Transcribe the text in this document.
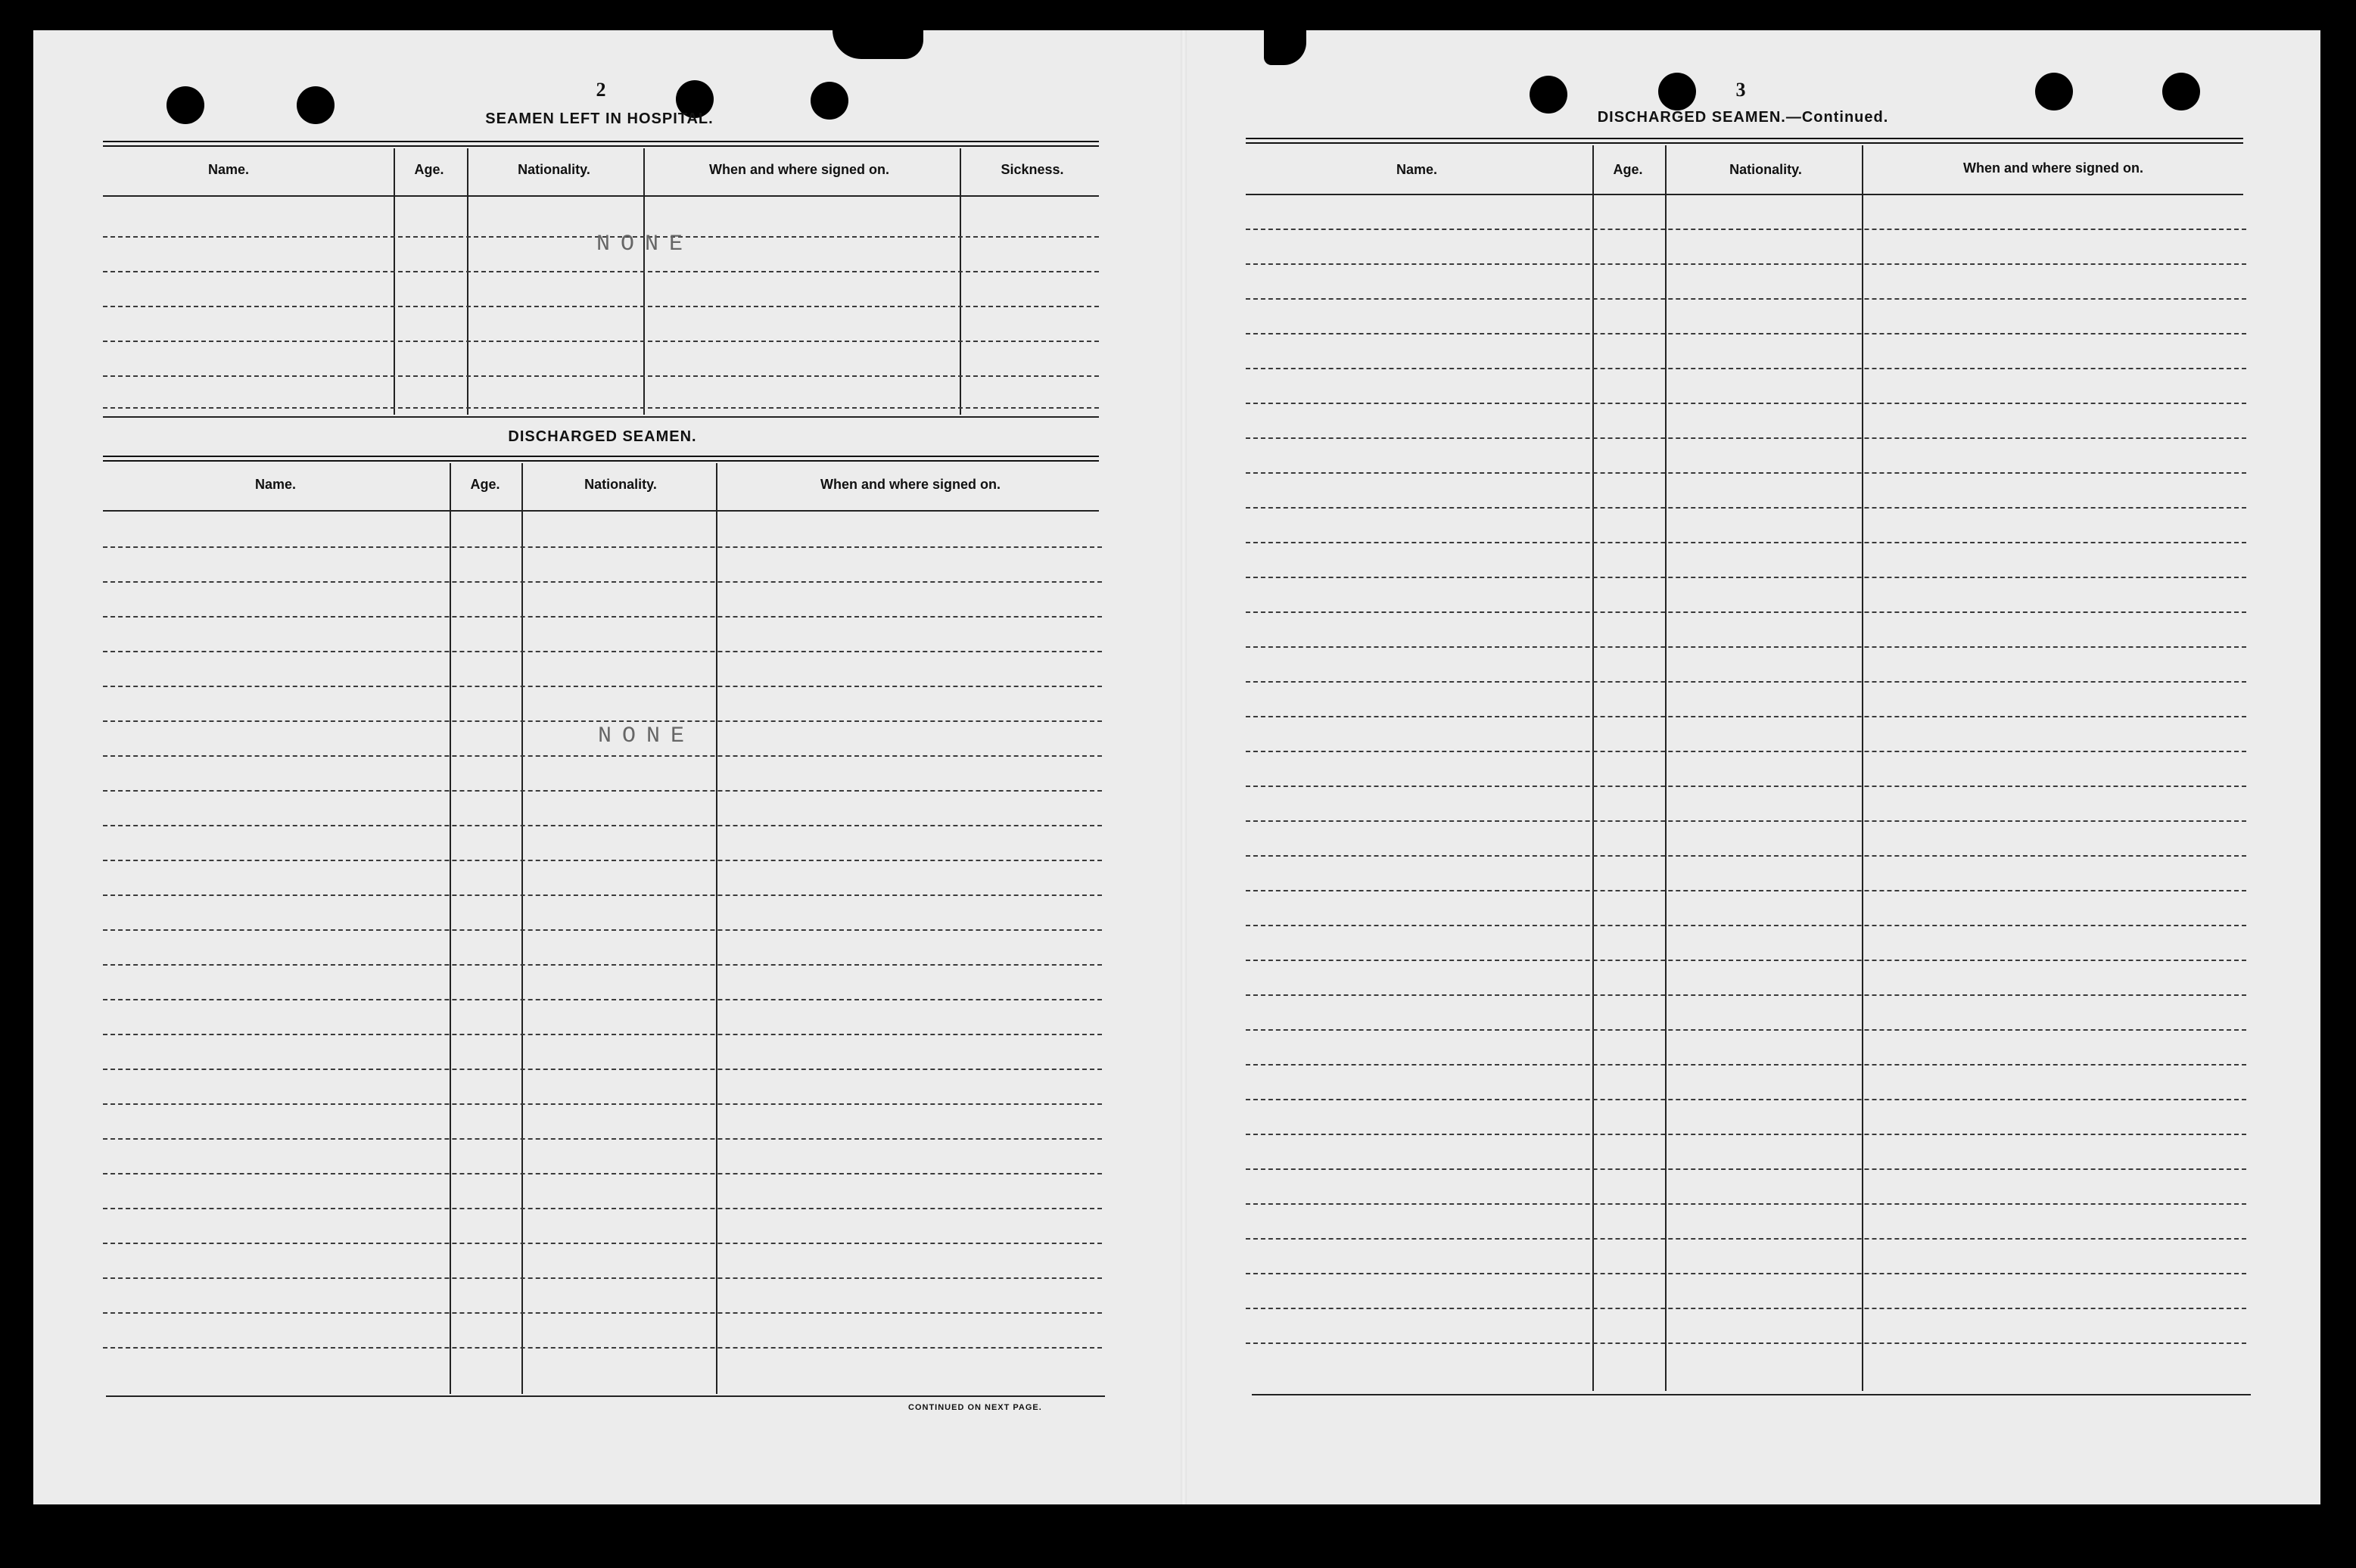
2
SEAMEN LEFT IN HOSPITAL.
Name.	Age.	Nationality.	When and where signed on.	Sickness.
NONE
DISCHARGED SEAMEN.
Name.	Age.	Nationality.	When and where signed on.
NONE
CONTINUED ON NEXT PAGE.
3
DISCHARGED SEAMEN.—Continued.
Name.	Age.	Nationality.	When and where signed on.
